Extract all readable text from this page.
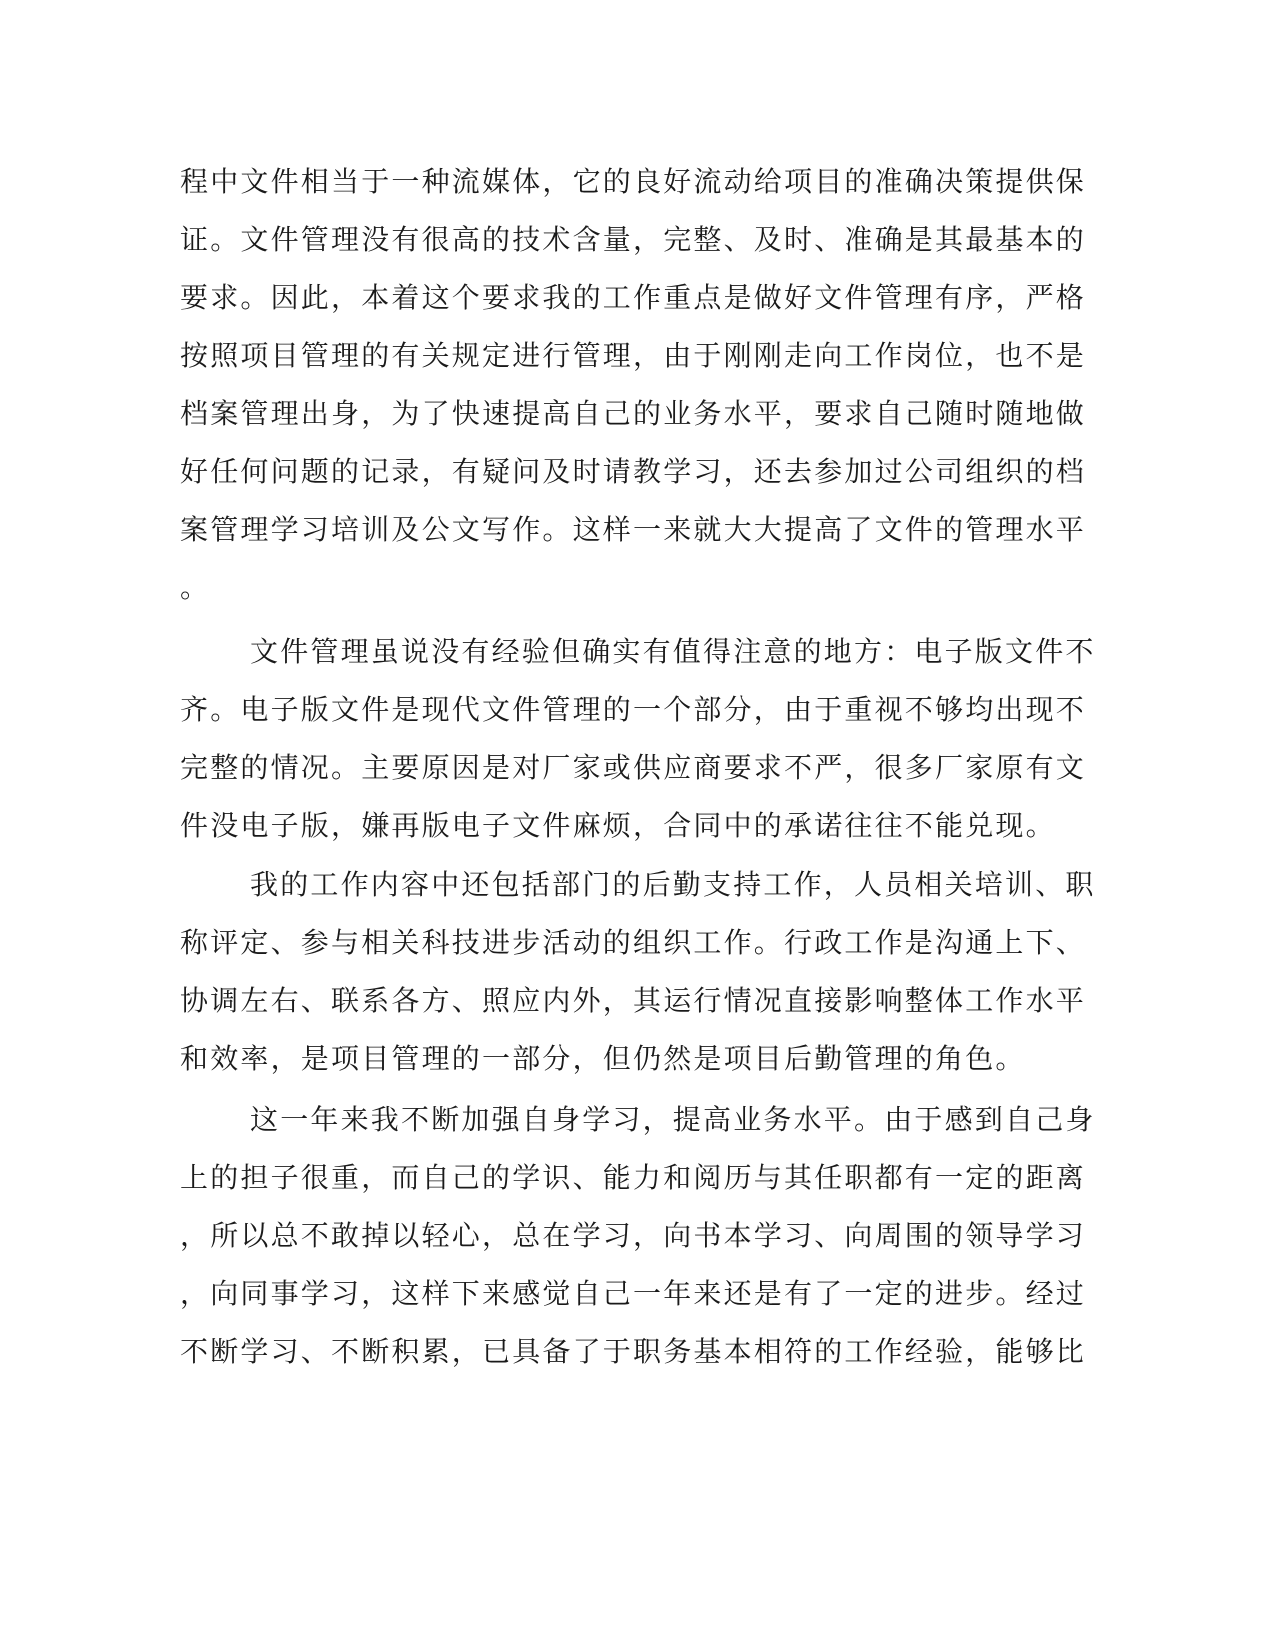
程中文件相当于一种流媒体，它的良好流动给项目的准确决策提供保
证。文件管理没有很高的技术含量，完整、及时、准确是其最基本的
要求。因此，本着这个要求我的工作重点是做好文件管理有序，严格
按照项目管理的有关规定进行管理，由于刚刚走向工作岗位，也不是
档案管理出身，为了快速提高自己的业务水平，要求自己随时随地做
好任何问题的记录，有疑问及时请教学习，还去参加过公司组织的档
案管理学习培训及公文写作。这样一来就大大提高了文件的管理水平
。
文件管理虽说没有经验但确实有值得注意的地方：电子版文件不
齐。电子版文件是现代文件管理的一个部分，由于重视不够均出现不
完整的情况。主要原因是对厂家或供应商要求不严，很多厂家原有文
件没电子版，嫌再版电子文件麻烦，合同中的承诺往往不能兑现。
我的工作内容中还包括部门的后勤支持工作，人员相关培训、职
称评定、参与相关科技进步活动的组织工作。行政工作是沟通上下、
协调左右、联系各方、照应内外，其运行情况直接影响整体工作水平
和效率，是项目管理的一部分，但仍然是项目后勤管理的角色。
这一年来我不断加强自身学习，提高业务水平。由于感到自己身
上的担子很重，而自己的学识、能力和阅历与其任职都有一定的距离
，所以总不敢掉以轻心，总在学习，向书本学习、向周围的领导学习
，向同事学习，这样下来感觉自己一年来还是有了一定的进步。经过
不断学习、不断积累，已具备了于职务基本相符的工作经验，能够比
